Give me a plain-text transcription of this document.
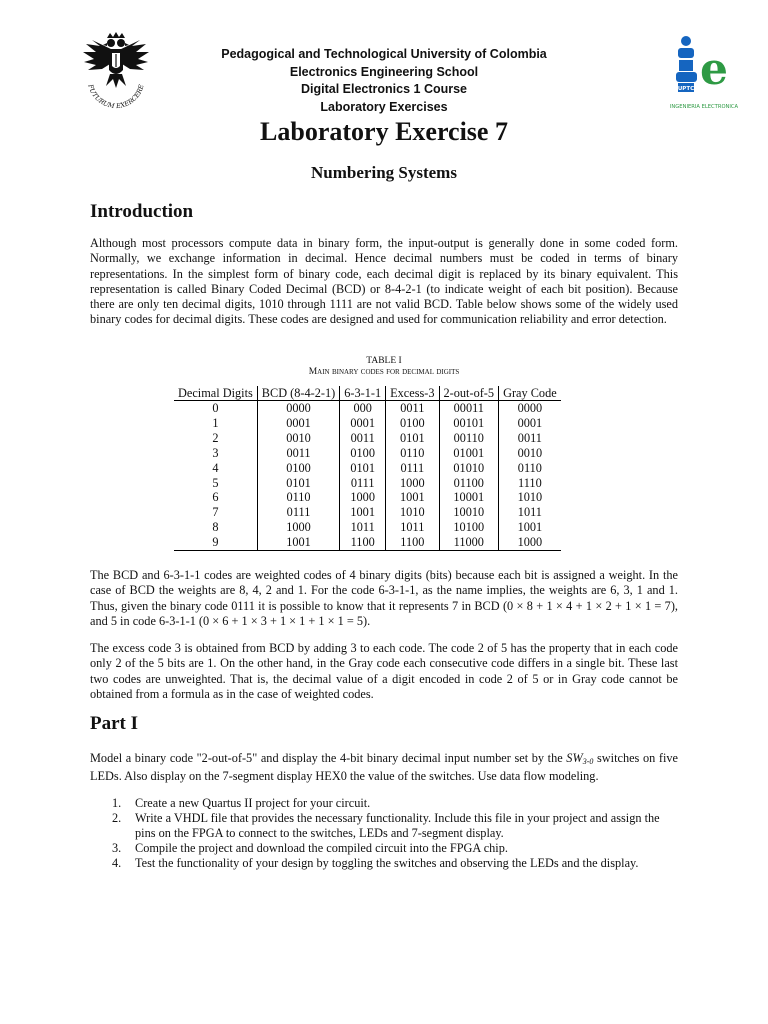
FUTURUM EXERCERE
Pedagogical and Technological University of Colombia
Electronics Engineering School
Digital Electronics 1 Course
Laboratory Exercises
UPTC e
INGENIERIA ELECTRONICA
Laboratory Exercise 7
Numbering Systems
Introduction

Although most processors compute data in binary form, the input-output is generally done in some coded form. Normally, we exchange information in decimal. Hence decimal numbers must be coded in terms of binary representations. In the simplest form of binary code, each decimal digit is replaced by its binary equivalent. This representation is called Binary Coded Decimal (BCD) or 8-4-2-1 (to indicate weight of each bit position). Because there are only ten decimal digits, 1010 through 1111 are not valid BCD. Table below shows some of the widely used binary codes for decimal digits. These codes are designed and used for communication reliability and error detection.

TABLE I
Main binary codes for decimal digits
Decimal Digits	BCD (8-4-2-1)	6-3-1-1	Excess-3	2-out-of-5	Gray Code
0	0000	000	0011	00011	0000
1	0001	0001	0100	00101	0001
2	0010	0011	0101	00110	0011
3	0011	0100	0110	01001	0010
4	0100	0101	0111	01010	0110
5	0101	0111	1000	01100	1110
6	0110	1000	1001	10001	1010
7	0111	1001	1010	10010	1011
8	1000	1011	1011	10100	1001
9	1001	1100	1100	11000	1000

The BCD and 6-3-1-1 codes are weighted codes of 4 binary digits (bits) because each bit is assigned a weight. In the case of BCD the weights are 8, 4, 2 and 1. For the code 6-3-1-1, as the name implies, the weights are 6, 3, 1 and 1. Thus, given the binary code 0111 it is possible to know that it represents 7 in BCD (0 × 8 + 1 × 4 + 1 × 2 + 1 × 1 = 7), and 5 in code 6-3-1-1 (0 × 6 + 1 × 3 + 1 × 1 + 1 × 1 = 5).

The excess code 3 is obtained from BCD by adding 3 to each code. The code 2 of 5 has the property that in each code only 2 of the 5 bits are 1. On the other hand, in the Gray code each consecutive code differs in a single bit. These last two codes are unweighted. That is, the decimal value of a digit encoded in code 2 of 5 or in Gray code cannot be obtained from a formula as in the case of weighted codes.

Part I

Model a binary code "2-out-of-5" and display the 4-bit binary decimal input number set by the SW3-0 switches on five LEDs. Also display on the 7-segment display HEX0 the value of the switches. Use data flow modeling.

1. Create a new Quartus II project for your circuit.
2. Write a VHDL file that provides the necessary functionality. Include this file in your project and assign the pins on the FPGA to connect to the switches, LEDs and 7-segment display.
3. Compile the project and download the compiled circuit into the FPGA chip.
4. Test the functionality of your design by toggling the switches and observing the LEDs and the display.
